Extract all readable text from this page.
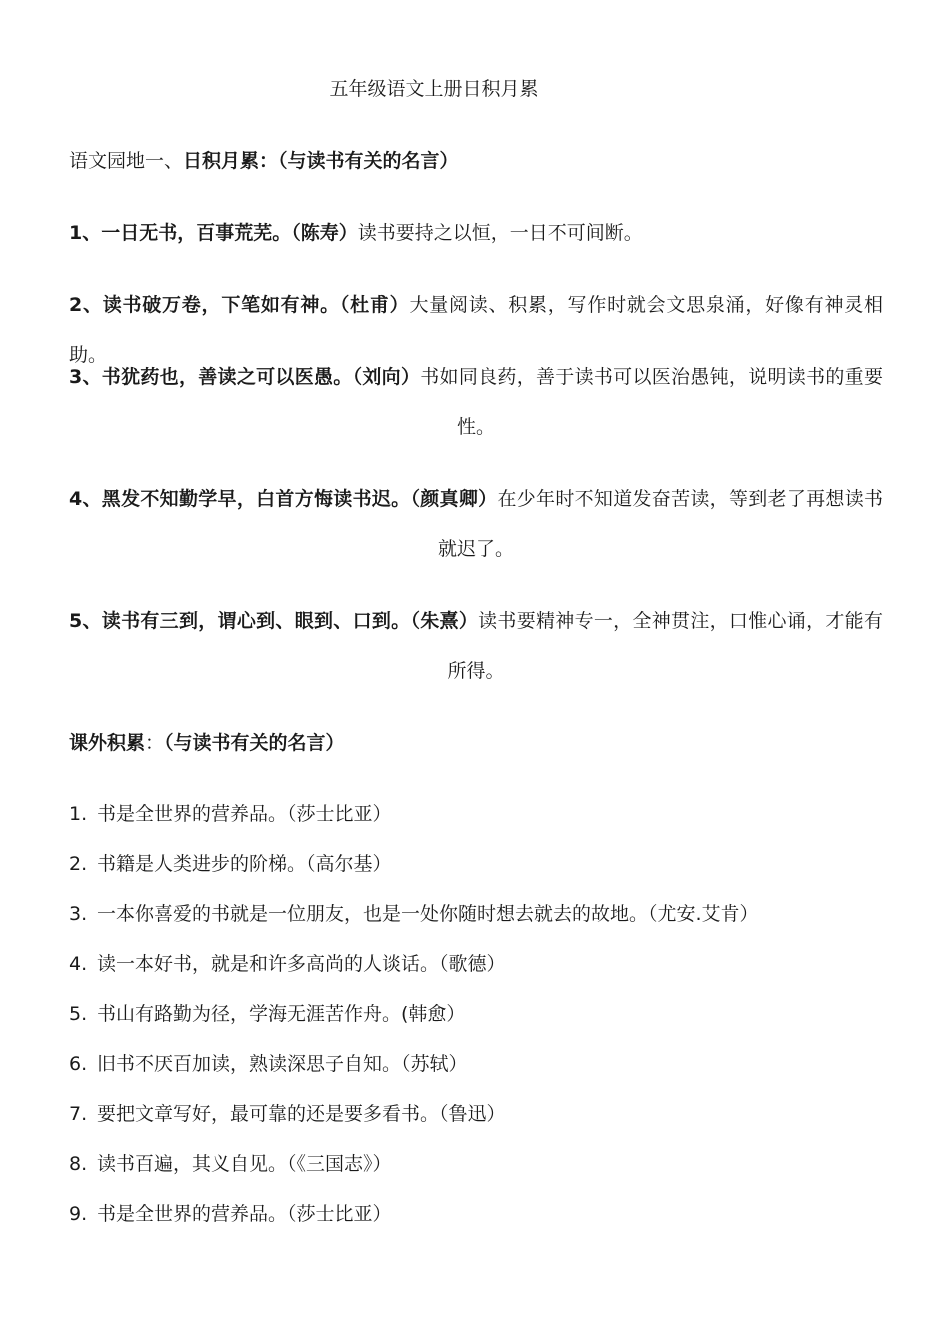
五年级语文上册日积月累
语文园地一、日积月累：（与读书有关的名言）
1、一日无书，百事荒芜。（陈寿）读书要持之以恒，一日不可间断。
2、读书破万卷，下笔如有神。（杜甫）大量阅读、积累，写作时就会文思泉涌，好像有神灵相助。
3、书犹药也，善读之可以医愚。（刘向）书如同良药，善于读书可以医治愚钝，说明读书的重要性。
4、黑发不知勤学早，白首方悔读书迟。（颜真卿）在少年时不知道发奋苦读，等到老了再想读书就迟了。
5、读书有三到，谓心到、眼到、口到。（朱熹）读书要精神专一，全神贯注，口惟心诵，才能有所得。
课外积累：（与读书有关的名言）
1. 书是全世界的营养品。（莎士比亚）
2. 书籍是人类进步的阶梯。（高尔基）
3. 一本你喜爱的书就是一位朋友，也是一处你随时想去就去的故地。（尤安.艾肯）
4. 读一本好书，就是和许多高尚的人谈话。（歌德）
5. 书山有路勤为径，学海无涯苦作舟。(韩愈）
6. 旧书不厌百加读，熟读深思子自知。（苏轼）
7. 要把文章写好，最可靠的还是要多看书。（鲁迅）
8. 读书百遍，其义自见。（《三国志》）
9. 书是全世界的营养品。（莎士比亚）
